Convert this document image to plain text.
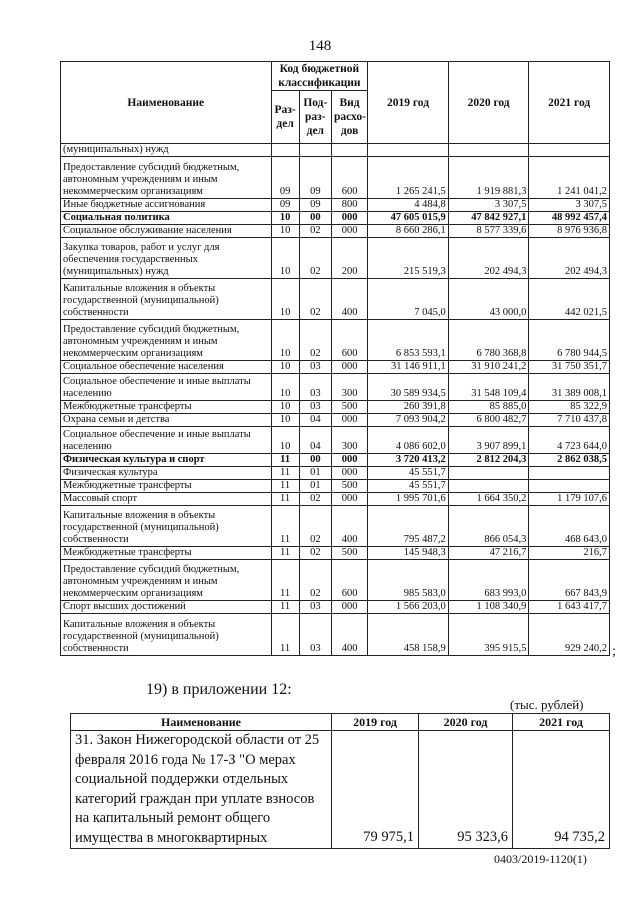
148
Наименование	Код бюджетной классификации			2019 год	2020 год	2021 год
	Раз-дел	Под-раз-дел	Вид расхо-дов			
(муниципальных) нужд						
Предоставление субсидий бюджетным, автономным учреждениям и иным некоммерческим организациям	09	09	600	1 265 241,5	1 919 881,3	1 241 041,2
Иные бюджетные ассигнования	09	09	800	4 484,8	3 307,5	3 307,5
Социальная политика	10	00	000	47 605 015,9	47 842 927,1	48 992 457,4
Социальное обслуживание населения	10	02	000	8 660 286,1	8 577 339,6	8 976 936,8
Закупка товаров, работ и услуг для обеспечения государственных (муниципальных) нужд	10	02	200	215 519,3	202 494,3	202 494,3
Капитальные вложения в объекты государственной (муниципальной) собственности	10	02	400	7 045,0	43 000,0	442 021,5
Предоставление субсидий бюджетным, автономным учреждениям и иным некоммерческим организациям	10	02	600	6 853 593,1	6 780 368,8	6 780 944,5
Социальное обеспечение населения	10	03	000	31 146 911,1	31 910 241,2	31 750 351,7
Социальное обеспечение и иные выплаты населению	10	03	300	30 589 934,5	31 548 109,4	31 389 008,1
Межбюджетные трансферты	10	03	500	260 391,8	85 885,0	85 322,9
Охрана семьи и детства	10	04	000	7 093 904,2	6 800 482,7	7 710 437,8
Социальное обеспечение и иные выплаты населению	10	04	300	4 086 602,0	3 907 899,1	4 723 644,0
Физическая культура и спорт	11	00	000	3 720 413,2	2 812 204,3	2 862 038,5
Физическая культура	11	01	000	45 551,7		
Межбюджетные трансферты	11	01	500	45 551,7		
Массовый спорт	11	02	000	1 995 701,6	1 664 350,2	1 179 107,6
Капитальные вложения в объекты государственной (муниципальной) собственности	11	02	400	795 487,2	866 054,3	468 643,0
Межбюджетные трансферты	11	02	500	145 948,3	47 216,7	216,7
Предоставление субсидий бюджетным, автономным учреждениям и иным некоммерческим организациям	11	02	600	985 583,0	683 993,0	667 843,9
Спорт высших достижений	11	03	000	1 566 203,0	1 108 340,9	1 643 417,7
Капитальные вложения в объекты государственной (муниципальной) собственности	11	03	400	458 158,9	395 915,5	929 240,2 ;
19) в приложении 12:
(тыс. рублей)
Наименование	2019 год	2020 год	2021 год
31. Закон Нижегородской области от 25 февраля 2016 года № 17-З "О мерах социальной поддержки отдельных категорий граждан при уплате взносов на капитальный ремонт общего имущества в многоквартирных	79 975,1	95 323,6	94 735,2
0403/2019-1120(1)
